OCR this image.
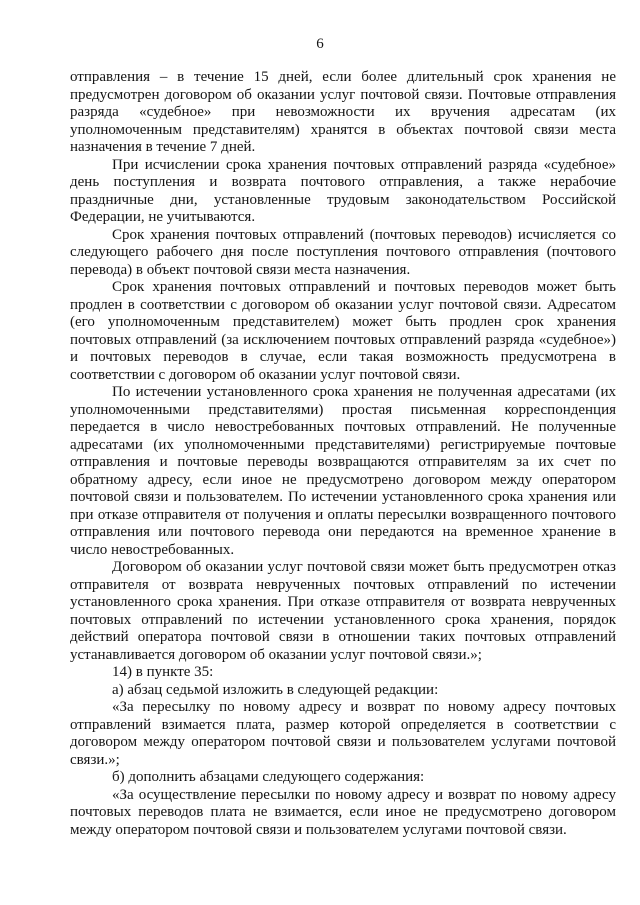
6
отправления – в течение 15 дней, если более длительный срок хранения не
предусмотрен договором об оказании услуг почтовой связи. Почтовые отправления
разряда «судебное» при невозможности их вручения адресатам (их
уполномоченным представителям) хранятся в объектах почтовой связи места
назначения в течение 7 дней.
При исчислении срока хранения почтовых отправлений разряда «судебное»
день поступления и возврата почтового отправления, а также нерабочие
праздничные дни, установленные трудовым законодательством Российской
Федерации, не учитываются.
Срок хранения почтовых отправлений (почтовых переводов) исчисляется со
следующего рабочего дня после поступления почтового отправления (почтового
перевода) в объект почтовой связи места назначения.
Срок хранения почтовых отправлений и почтовых переводов может быть
продлен в соответствии с договором об оказании услуг почтовой связи. Адресатом
(его уполномоченным представителем) может быть продлен срок хранения
почтовых отправлений (за исключением почтовых отправлений разряда «судебное»)
и почтовых переводов в случае, если такая возможность предусмотрена в
соответствии с договором об оказании услуг почтовой связи.
По истечении установленного срока хранения не полученная адресатами (их
уполномоченными представителями) простая письменная корреспонденция
передается в число невостребованных почтовых отправлений. Не полученные
адресатами (их уполномоченными представителями) регистрируемые почтовые
отправления и почтовые переводы возвращаются отправителям за их счет по
обратному адресу, если иное не предусмотрено договором между оператором
почтовой связи и пользователем. По истечении установленного срока хранения или
при отказе отправителя от получения и оплаты пересылки возвращенного почтового
отправления или почтового перевода они передаются на временное хранение в
число невостребованных.
Договором об оказании услуг почтовой связи может быть предусмотрен отказ
отправителя от возврата неврученных почтовых отправлений по истечении
установленного срока хранения. При отказе отправителя от возврата неврученных
почтовых отправлений по истечении установленного срока хранения, порядок
действий оператора почтовой связи в отношении таких почтовых отправлений
устанавливается договором об оказании услуг почтовой связи.»;
14) в пункте 35:
а) абзац седьмой изложить в следующей редакции:
«За пересылку по новому адресу и возврат по новому адресу почтовых
отправлений взимается плата, размер которой определяется в соответствии с
договором между оператором почтовой связи и пользователем услугами почтовой
связи.»;
б) дополнить абзацами следующего содержания:
«За осуществление пересылки по новому адресу и возврат по новому адресу
почтовых переводов плата не взимается, если иное не предусмотрено договором
между оператором почтовой связи и пользователем услугами почтовой связи.
